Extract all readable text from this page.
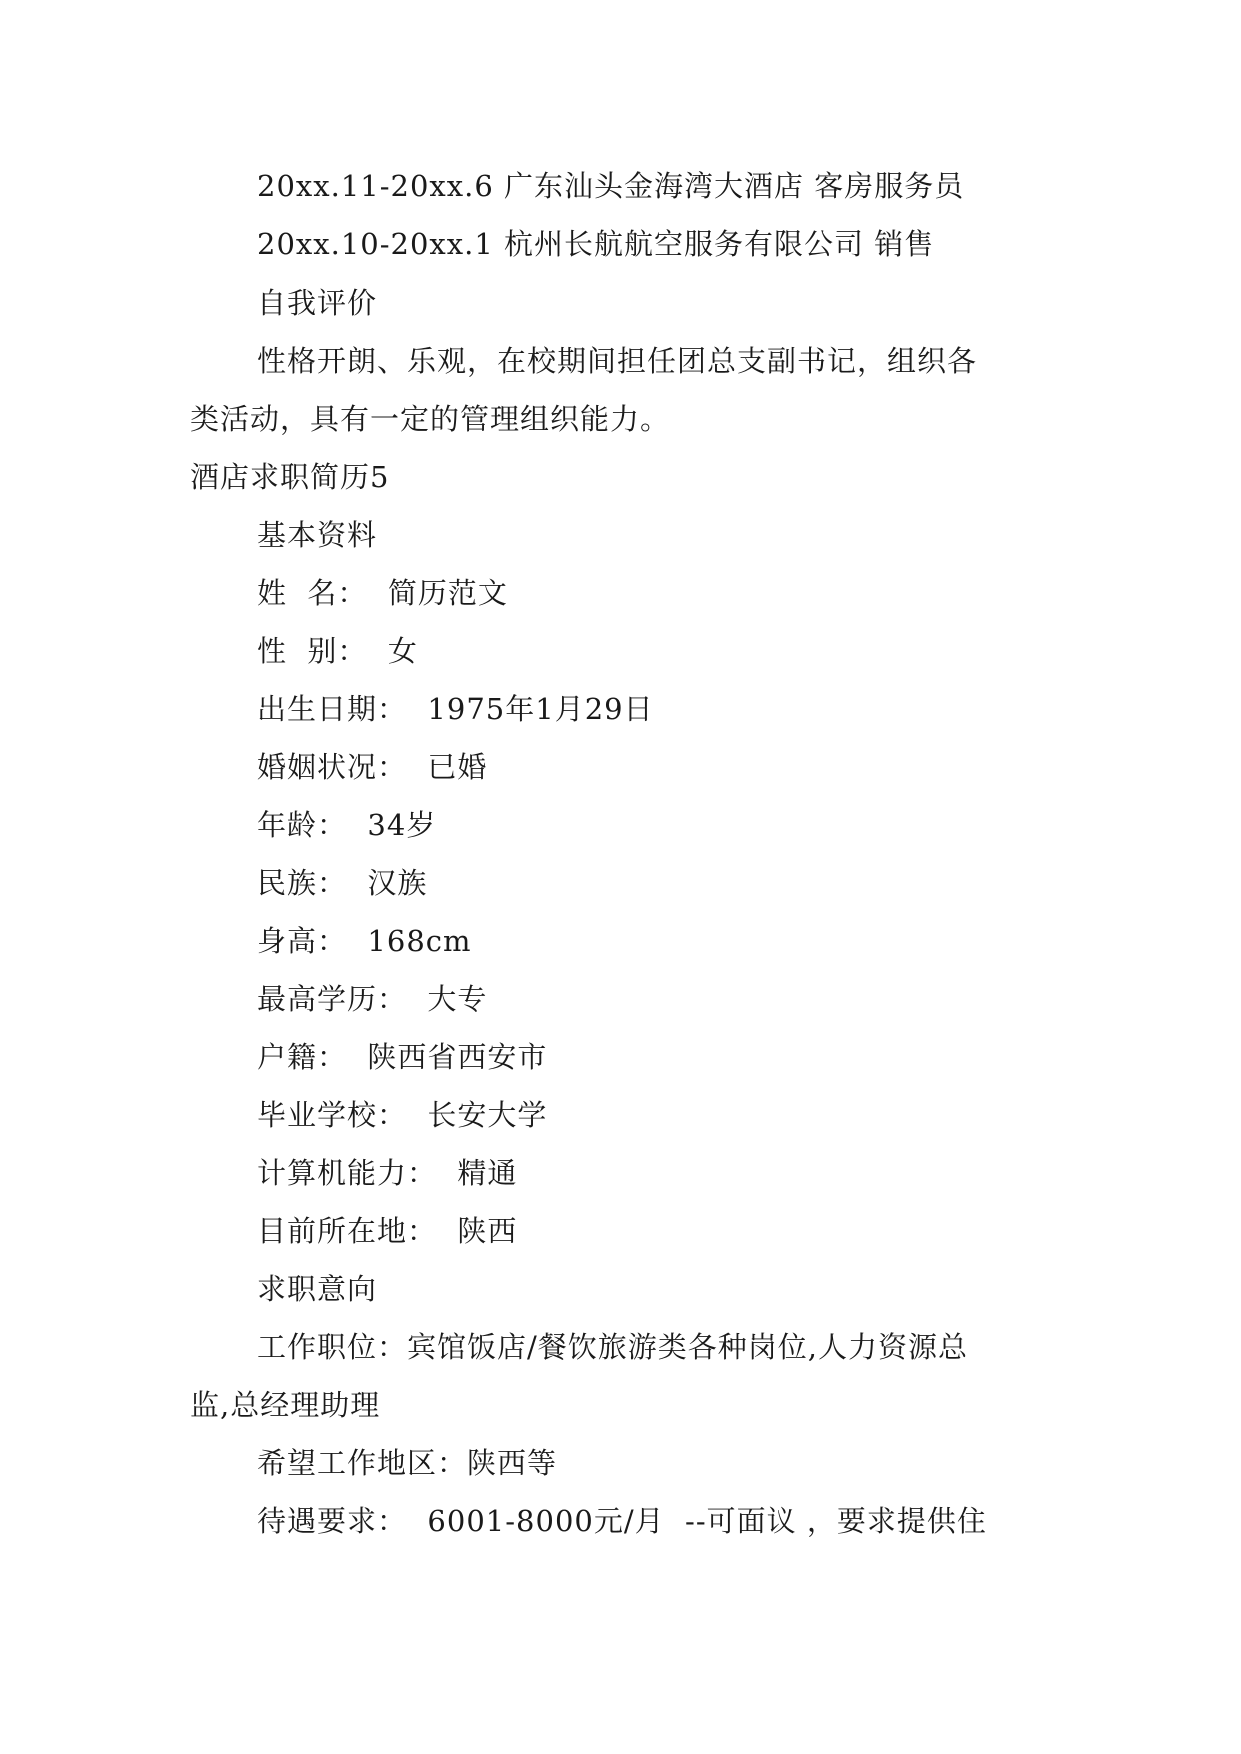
20xx.11-20xx.6 广东汕头金海湾大酒店 客房服务员
20xx.10-20xx.1 杭州长航航空服务有限公司 销售
自我评价
性格开朗、乐观，在校期间担任团总支副书记，组织各
类活动，具有一定的管理组织能力。
酒店求职简历5
基本资料
姓  名：  简历范文
性  别：  女
出生日期：  1975年1月29日
婚姻状况：  已婚
年龄：  34岁
民族：  汉族
身高：  168cm
最高学历：  大专
户籍：  陕西省西安市
毕业学校：  长安大学
计算机能力：  精通
目前所在地：  陕西
求职意向
工作职位：宾馆饭店/餐饮旅游类各种岗位,人力资源总
监,总经理助理
希望工作地区：陕西等
待遇要求：  6001-8000元/月  --可面议 ，要求提供住
